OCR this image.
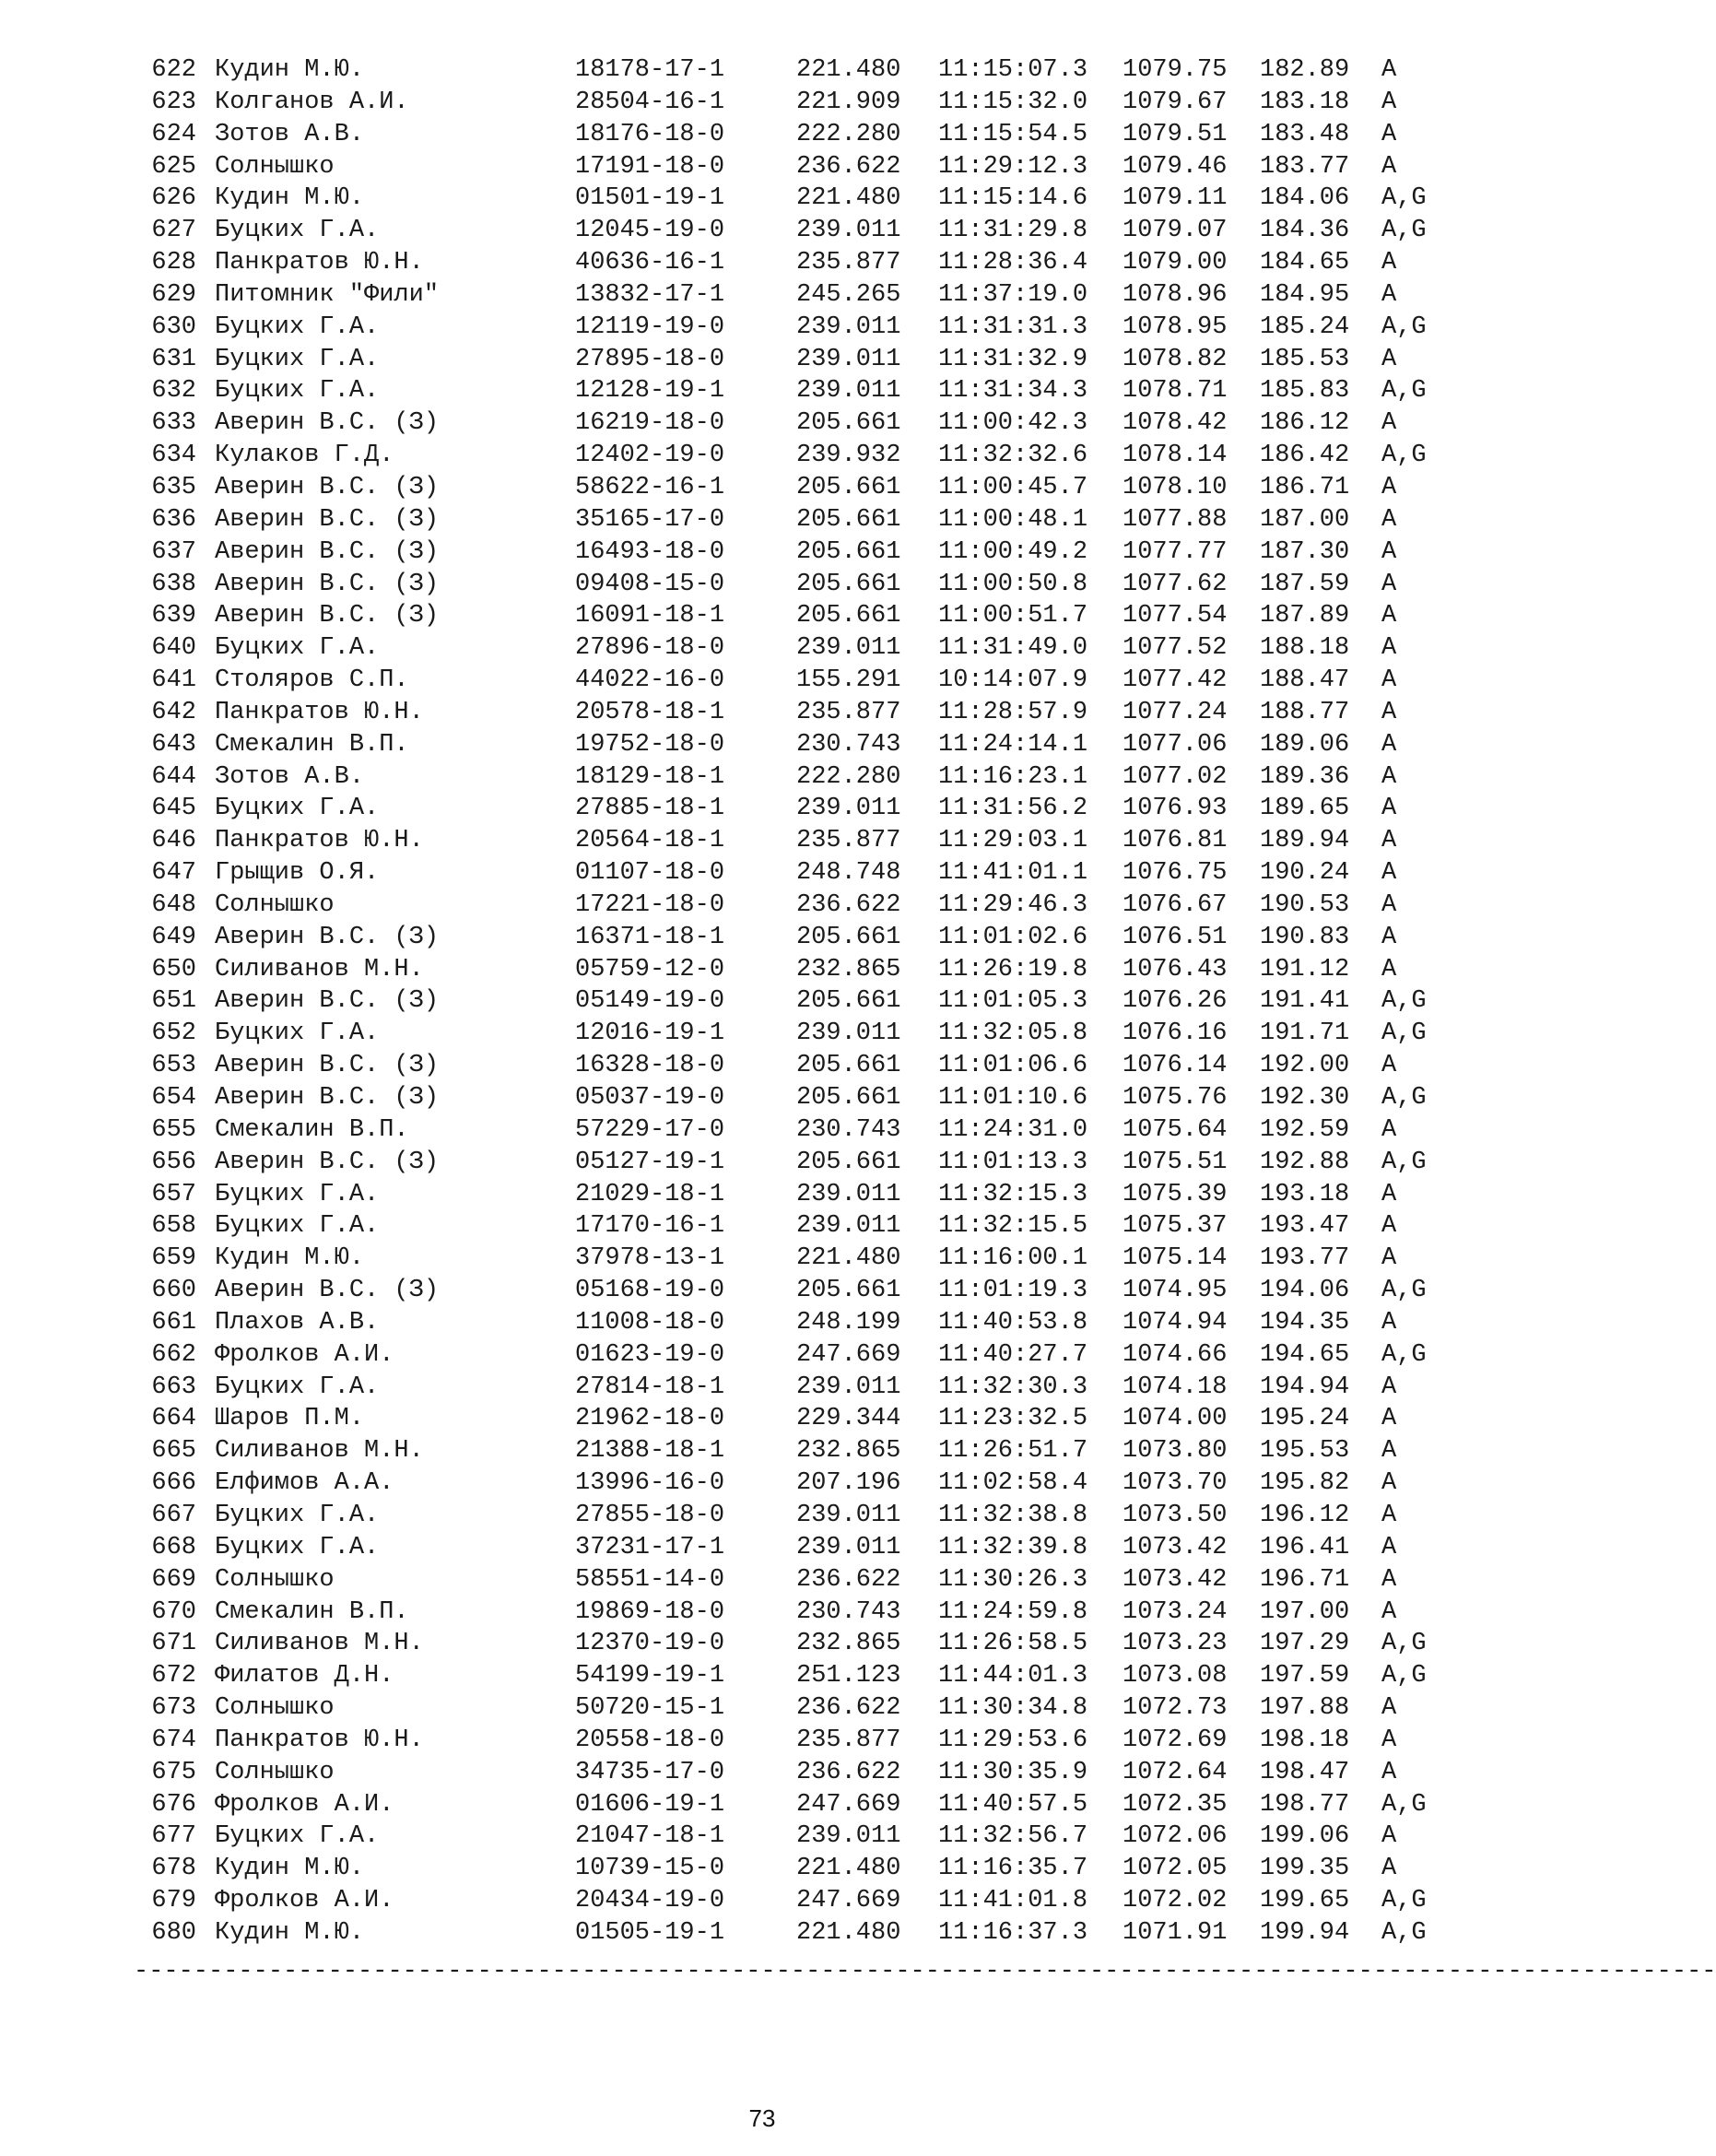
622 Кудин М.Ю.	18178-17-1	221.480	11:15:07.3	1079.75	182.89	A
623 Колганов А.И.	28504-16-1	221.909	11:15:32.0	1079.67	183.18	A
624 Зотов А.В.	18176-18-0	222.280	11:15:54.5	1079.51	183.48	A
625 Солнышко	17191-18-0	236.622	11:29:12.3	1079.46	183.77	A
626 Кудин М.Ю.	01501-19-1	221.480	11:15:14.6	1079.11	184.06	A,G
627 Буцких Г.А.	12045-19-0	239.011	11:31:29.8	1079.07	184.36	A,G
628 Панкратов Ю.Н.	40636-16-1	235.877	11:28:36.4	1079.00	184.65	A
629 Питомник "Фили"	13832-17-1	245.265	11:37:19.0	1078.96	184.95	A
630 Буцких Г.А.	12119-19-0	239.011	11:31:31.3	1078.95	185.24	A,G
631 Буцких Г.А.	27895-18-0	239.011	11:31:32.9	1078.82	185.53	A
632 Буцких Г.А.	12128-19-1	239.011	11:31:34.3	1078.71	185.83	A,G
633 Аверин В.С. (З)	16219-18-0	205.661	11:00:42.3	1078.42	186.12	A
634 Кулаков Г.Д.	12402-19-0	239.932	11:32:32.6	1078.14	186.42	A,G
635 Аверин В.С. (З)	58622-16-1	205.661	11:00:45.7	1078.10	186.71	A
636 Аверин В.С. (З)	35165-17-0	205.661	11:00:48.1	1077.88	187.00	A
637 Аверин В.С. (З)	16493-18-0	205.661	11:00:49.2	1077.77	187.30	A
638 Аверин В.С. (З)	09408-15-0	205.661	11:00:50.8	1077.62	187.59	A
639 Аверин В.С. (З)	16091-18-1	205.661	11:00:51.7	1077.54	187.89	A
640 Буцких Г.А.	27896-18-0	239.011	11:31:49.0	1077.52	188.18	A
641 Столяров С.П.	44022-16-0	155.291	10:14:07.9	1077.42	188.47	A
642 Панкратов Ю.Н.	20578-18-1	235.877	11:28:57.9	1077.24	188.77	A
643 Смекалин В.П.	19752-18-0	230.743	11:24:14.1	1077.06	189.06	A
644 Зотов А.В.	18129-18-1	222.280	11:16:23.1	1077.02	189.36	A
645 Буцких Г.А.	27885-18-1	239.011	11:31:56.2	1076.93	189.65	A
646 Панкратов Ю.Н.	20564-18-1	235.877	11:29:03.1	1076.81	189.94	A
647 Грыщив О.Я.	01107-18-0	248.748	11:41:01.1	1076.75	190.24	A
648 Солнышко	17221-18-0	236.622	11:29:46.3	1076.67	190.53	A
649 Аверин В.С. (З)	16371-18-1	205.661	11:01:02.6	1076.51	190.83	A
650 Силиванов М.Н.	05759-12-0	232.865	11:26:19.8	1076.43	191.12	A
651 Аверин В.С. (З)	05149-19-0	205.661	11:01:05.3	1076.26	191.41	A,G
652 Буцких Г.А.	12016-19-1	239.011	11:32:05.8	1076.16	191.71	A,G
653 Аверин В.С. (З)	16328-18-0	205.661	11:01:06.6	1076.14	192.00	A
654 Аверин В.С. (З)	05037-19-0	205.661	11:01:10.6	1075.76	192.30	A,G
655 Смекалин В.П.	57229-17-0	230.743	11:24:31.0	1075.64	192.59	A
656 Аверин В.С. (З)	05127-19-1	205.661	11:01:13.3	1075.51	192.88	A,G
657 Буцких Г.А.	21029-18-1	239.011	11:32:15.3	1075.39	193.18	A
658 Буцких Г.А.	17170-16-1	239.011	11:32:15.5	1075.37	193.47	A
659 Кудин М.Ю.	37978-13-1	221.480	11:16:00.1	1075.14	193.77	A
660 Аверин В.С. (З)	05168-19-0	205.661	11:01:19.3	1074.95	194.06	A,G
661 Плахов А.В.	11008-18-0	248.199	11:40:53.8	1074.94	194.35	A
662 Фролков А.И.	01623-19-0	247.669	11:40:27.7	1074.66	194.65	A,G
663 Буцких Г.А.	27814-18-1	239.011	11:32:30.3	1074.18	194.94	A
664 Шаров П.М.	21962-18-0	229.344	11:23:32.5	1074.00	195.24	A
665 Силиванов М.Н.	21388-18-1	232.865	11:26:51.7	1073.80	195.53	A
666 Елфимов А.А.	13996-16-0	207.196	11:02:58.4	1073.70	195.82	A
667 Буцких Г.А.	27855-18-0	239.011	11:32:38.8	1073.50	196.12	A
668 Буцких Г.А.	37231-17-1	239.011	11:32:39.8	1073.42	196.41	A
669 Солнышко	58551-14-0	236.622	11:30:26.3	1073.42	196.71	A
670 Смекалин В.П.	19869-18-0	230.743	11:24:59.8	1073.24	197.00	A
671 Силиванов М.Н.	12370-19-0	232.865	11:26:58.5	1073.23	197.29	A,G
672 Филатов Д.Н.	54199-19-1	251.123	11:44:01.3	1073.08	197.59	A,G
673 Солнышко	50720-15-1	236.622	11:30:34.8	1072.73	197.88	A
674 Панкратов Ю.Н.	20558-18-0	235.877	11:29:53.6	1072.69	198.18	A
675 Солнышко	34735-17-0	236.622	11:30:35.9	1072.64	198.47	A
676 Фролков А.И.	01606-19-1	247.669	11:40:57.5	1072.35	198.77	A,G
677 Буцких Г.А.	21047-18-1	239.011	11:32:56.7	1072.06	199.06	A
678 Кудин М.Ю.	10739-15-0	221.480	11:16:35.7	1072.05	199.35	A
679 Фролков А.И.	20434-19-0	247.669	11:41:01.8	1072.02	199.65	A,G
680 Кудин М.Ю.	01505-19-1	221.480	11:16:37.3	1071.91	199.94	A,G
----------------------------------------------------------------------------------------------------------
73
